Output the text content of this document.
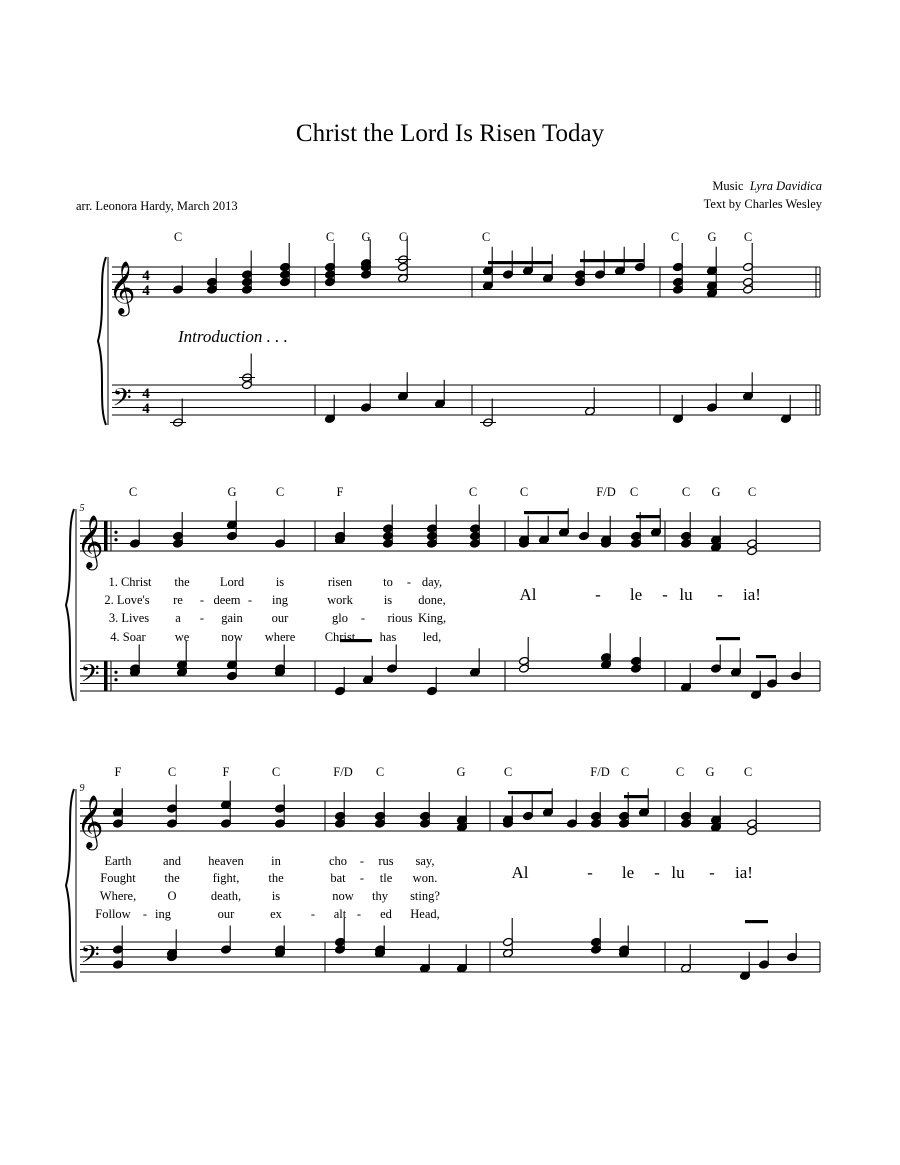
Christ the Lord Is Risen Today
arr. Leonora Hardy, March 2013
Music Lyra Davidica
Text by Charles Wesley
𝄞
𝄢
4
4
4
4
𝄞
𝄢
𝄞
𝄢
C	C G C	C	C G C
C	G	C	F	C	C	F/D C	C G C
F	C	F	C	F/D C	G	C	F/D C	C G C
5
9
Introduction . . .
1. Christ the Lord	is	risen to - day,
2. Love's re - deem - ing	work is done,
3. Lives a - gain our	glo - rious King,
4. Soar we	now where Christ has led,
Earth	and heaven in	cho - rus say,
Fought the	fight, the	bat - tle won.
Where,	O	death, is	now thy sting?
Follow - ing	our	ex - alt - ed Head,
Al	- le - lu - ia!
Al	- le - lu - ia!
